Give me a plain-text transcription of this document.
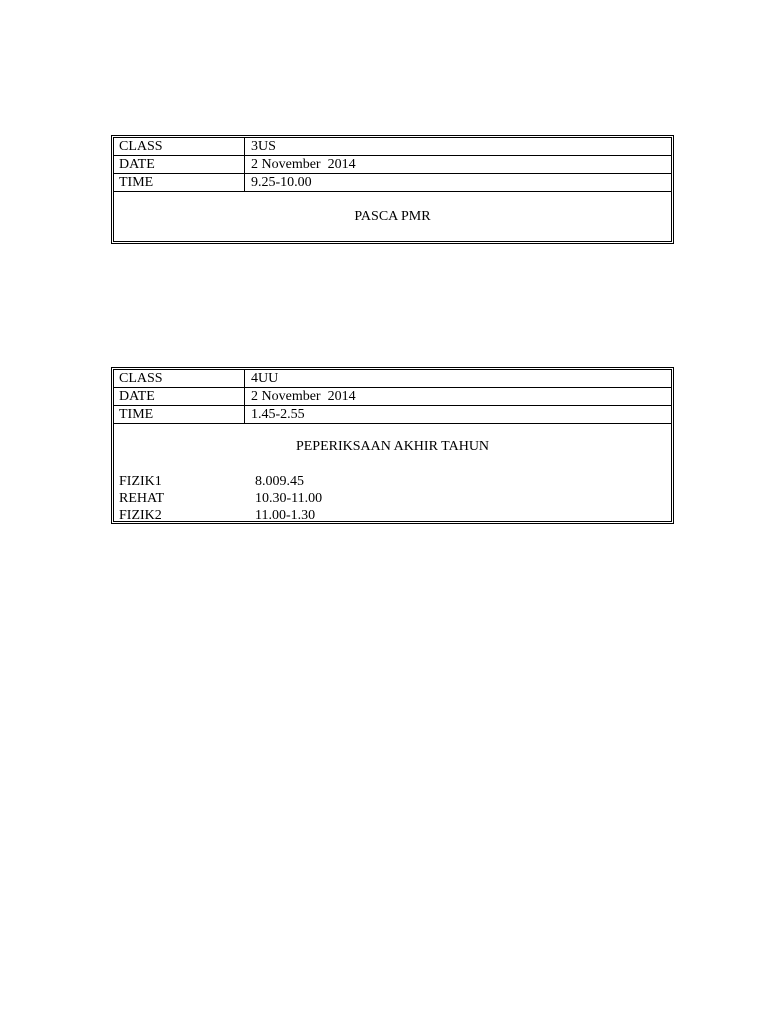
CLASS	3US
DATE	2 November  2014
TIME	9.25-10.00
PASCA PMR
CLASS	4UU
DATE	2 November  2014
TIME	1.45-2.55
PEPERIKSAAN AKHIR TAHUN
FIZIK1	8.009.45
REHAT	10.30-11.00
FIZIK2	11.00-1.30
